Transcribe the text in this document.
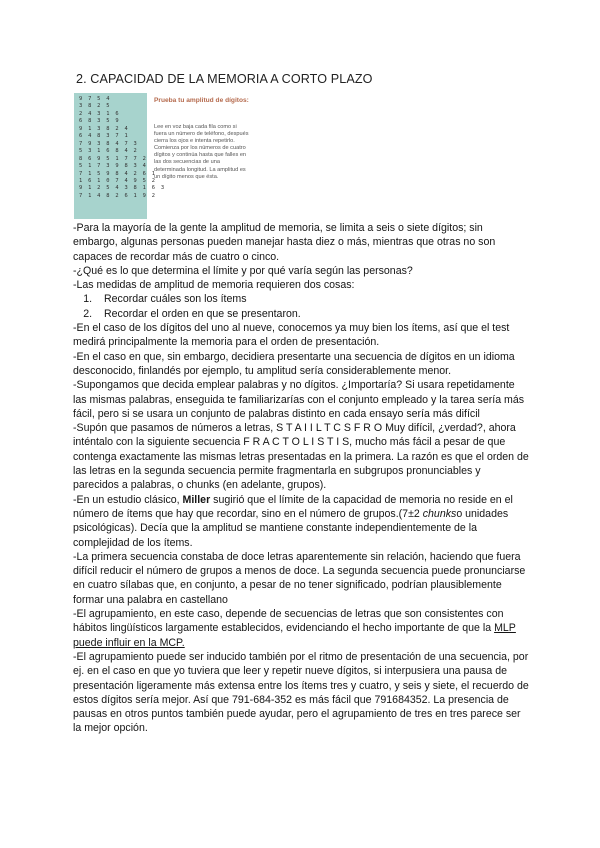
2. CAPACIDAD DE LA MEMORIA A CORTO PLAZO
9 7 5 4
3 8 2 5
2 4 3 1 6
6 8 3 5 9
9 1 3 8 2 4
6 4 8 3 7 1
7 9 3 8 4 7 3
5 3 1 6 8 4 2
8 6 9 5 1 7 7 2
5 1 7 3 9 8 3 4
7 1 5 9 8 4 2 6 1
1 6 1 0 7 4 9 5 2
9 1 2 5 4 3 8 1 6 3
7 1 4 8 2 6 1 9 2
Prueba tu amplitud de dígitos:
Lee en voz baja cada fila como si fuera un número de teléfono, después cierra los ojos e intenta repetirlo. Comienza por los números de cuatro dígitos y continúa hasta que falles en las dos secuencias de una determinada longitud. La amplitud es un dígito menos que ésta.

-Para la mayoría de la gente la amplitud de memoria, se limita a seis o siete dígitos; sin embargo, algunas personas pueden manejar hasta diez o más, mientras que otras no son capaces de recordar más de cuatro o cinco.

-¿Qué es lo que determina el límite y por qué varía según las personas?

-Las medidas de amplitud de memoria requieren dos cosas:

1. Recordar cuáles son los ítems
2. Recordar el orden en que se presentaron.

-En el caso de los dígitos del uno al nueve, conocemos ya muy bien los ítems, así que el test medirá principalmente la memoria para el orden de presentación.

-En el caso en que, sin embargo, decidiera presentarte una secuencia de dígitos en un idioma desconocido, finlandés por ejemplo, tu amplitud sería considerablemente menor.

-Supongamos que decida emplear palabras y no dígitos. ¿Importaría? Si usara repetidamente las mismas palabras, enseguida te familiarizarías con el conjunto empleado y la tarea sería más fácil, pero si se usara un conjunto de palabras distinto en cada ensayo sería más difícil

-Supón que pasamos de números a letras, S T A I I L T C S F R O Muy difícil, ¿verdad?, ahora inténtalo con la siguiente secuencia F R A C T O L I S T I S, mucho más fácil a pesar de que contenga exactamente las mismas letras presentadas en la primera. La razón es que el orden de las letras en la segunda secuencia permite fragmentarla en subgrupos pronunciables y parecidos a palabras, o chunks (en adelante, grupos).

-En un estudio clásico, Miller sugirió que el límite de la capacidad de memoria no reside en el número de ítems que hay que recordar, sino en el número de grupos.(7±2 chunkso unidades psicológicas). Decía que la amplitud se mantiene constante independientemente de la complejidad de los ítems.

-La primera secuencia constaba de doce letras aparentemente sin relación, haciendo que fuera difícil reducir el número de grupos a menos de doce. La segunda secuencia puede pronunciarse en cuatro sílabas que, en conjunto, a pesar de no tener significado, podrían plausiblemente formar una palabra en castellano

-El agrupamiento, en este caso, depende de secuencias de letras que son consistentes con hábitos lingüísticos largamente establecidos, evidenciando el hecho importante de que la MLP puede influir en la MCP.

-El agrupamiento puede ser inducido también por el ritmo de presentación de una secuencia, por ej. en el caso en que yo tuviera que leer y repetir nueve dígitos, si interpusiera una pausa de presentación ligeramente más extensa entre los ítems tres y cuatro, y seis y siete, el recuerdo de estos dígitos sería mejor. Así que 791-684-352 es más fácil que 791684352. La presencia de pausas en otros puntos también puede ayudar, pero el agrupamiento de tres en tres parece ser la mejor opción.
